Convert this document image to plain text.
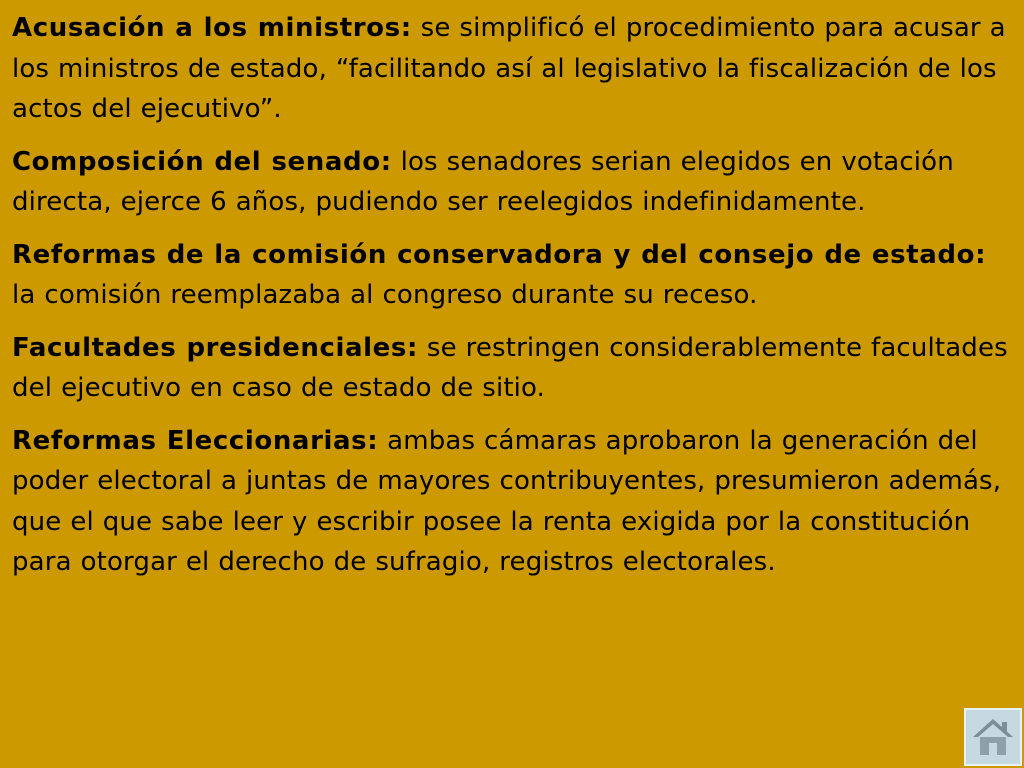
Acusación a los ministros: se simplificó el procedimiento para acusar a los ministros de estado, “facilitando así al legislativo la fiscalización de los actos del ejecutivo”.

Composición del senado: los senadores serian elegidos en votación directa, ejerce 6 años, pudiendo ser reelegidos indefinidamente.

Reformas de la comisión conservadora y del consejo de estado: la comisión reemplazaba al congreso durante su receso.

Facultades presidenciales: se restringen considerablemente facultades del ejecutivo en caso de estado de sitio.

Reformas Eleccionarias: ambas cámaras aprobaron la generación del poder electoral a juntas de mayores contribuyentes, presumieron además, que el que sabe leer y escribir posee la renta exigida por la constitución para otorgar el derecho de sufragio, registros electorales.
